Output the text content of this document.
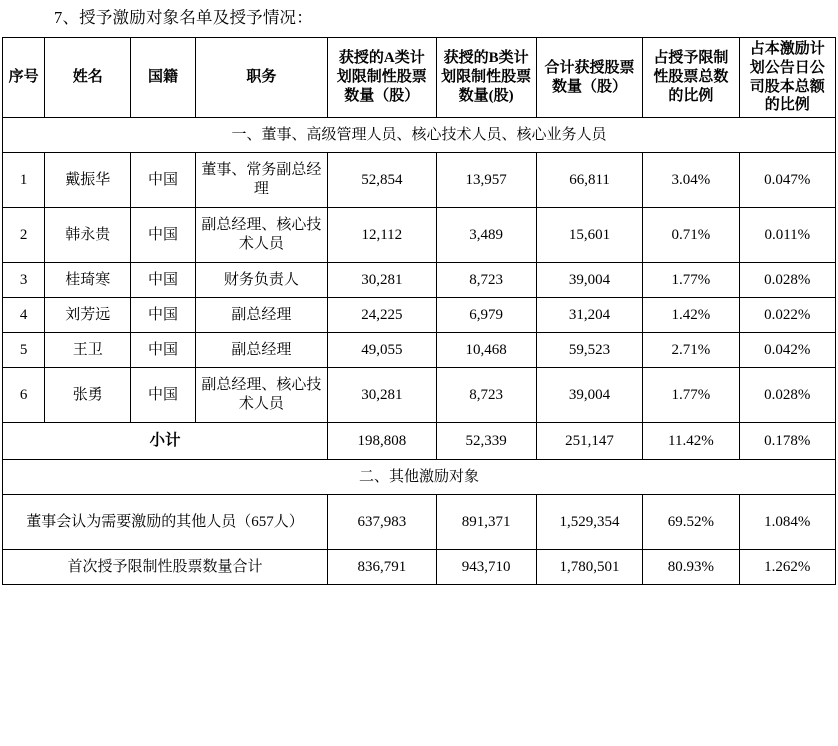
7、授予激励对象名单及授予情况：
序号	姓名	国籍	职务	获授的A类计划限制性股票数量（股）	获授的B类计划限制性股票数量(股)	合计获授股票数量（股）	占授予限制性股票总数的比例	占本激励计划公告日公司股本总额的比例
一、董事、高级管理人员、核心技术人员、核心业务人员								
1	戴振华	中国	董事、常务副总经理	52,854	13,957	66,811	3.04%	0.047%
2	韩永贵	中国	副总经理、核心技术人员	12,112	3,489	15,601	0.71%	0.011%
3	桂琦寒	中国	财务负责人	30,281	8,723	39,004	1.77%	0.028%
4	刘芳远	中国	副总经理	24,225	6,979	31,204	1.42%	0.022%
5	王卫	中国	副总经理	49,055	10,468	59,523	2.71%	0.042%
6	张勇	中国	副总经理、核心技术人员	30,281	8,723	39,004	1.77%	0.028%
小计				198,808	52,339	251,147	11.42%	0.178%
二、其他激励对象								
董事会认为需要激励的其他人员（657人）				637,983	891,371	1,529,354	69.52%	1.084%
首次授予限制性股票数量合计				836,791	943,710	1,780,501	80.93%	1.262%
